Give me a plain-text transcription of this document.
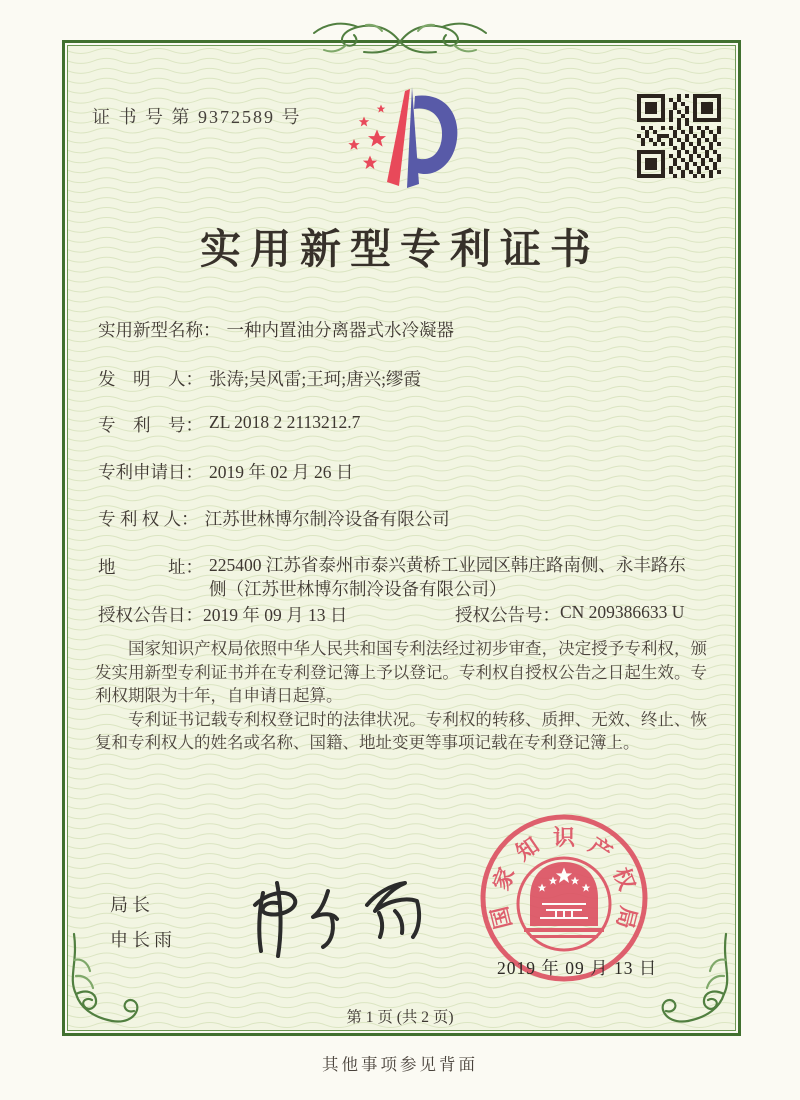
证 书 号 第 9372589 号
实用新型专利证书
实用新型名称： 一种内置油分离器式水冷凝器
发　明　人： 张涛;吴风雷;王珂;唐兴;缪霞
专　利　号： ZL 2018 2 2113212.7
专利申请日： 2019 年 02 月 26 日
专 利 权 人： 江苏世林博尔制冷设备有限公司
地　　　址： 225400 江苏省泰州市泰兴黄桥工业园区韩庄路南侧、永丰路东侧（江苏世林博尔制冷设备有限公司）
授权公告日： 2019 年 09 月 13 日	授权公告号： CN 209386633 U

国家知识产权局依照中华人民共和国专利法经过初步审查，决定授予专利权，颁发实用新型专利证书并在专利登记簿上予以登记。专利权自授权公告之日起生效。专利权期限为十年，自申请日起算。

专利证书记载专利权登记时的法律状况。专利权的转移、质押、无效、终止、恢复和专利权人的姓名或名称、国籍、地址变更等事项记载在专利登记簿上。

局长
申长雨
国
家
知 识 产
权
局
2019 年 09 月 13 日
第 1 页 (共 2 页)
其他事项参见背面
